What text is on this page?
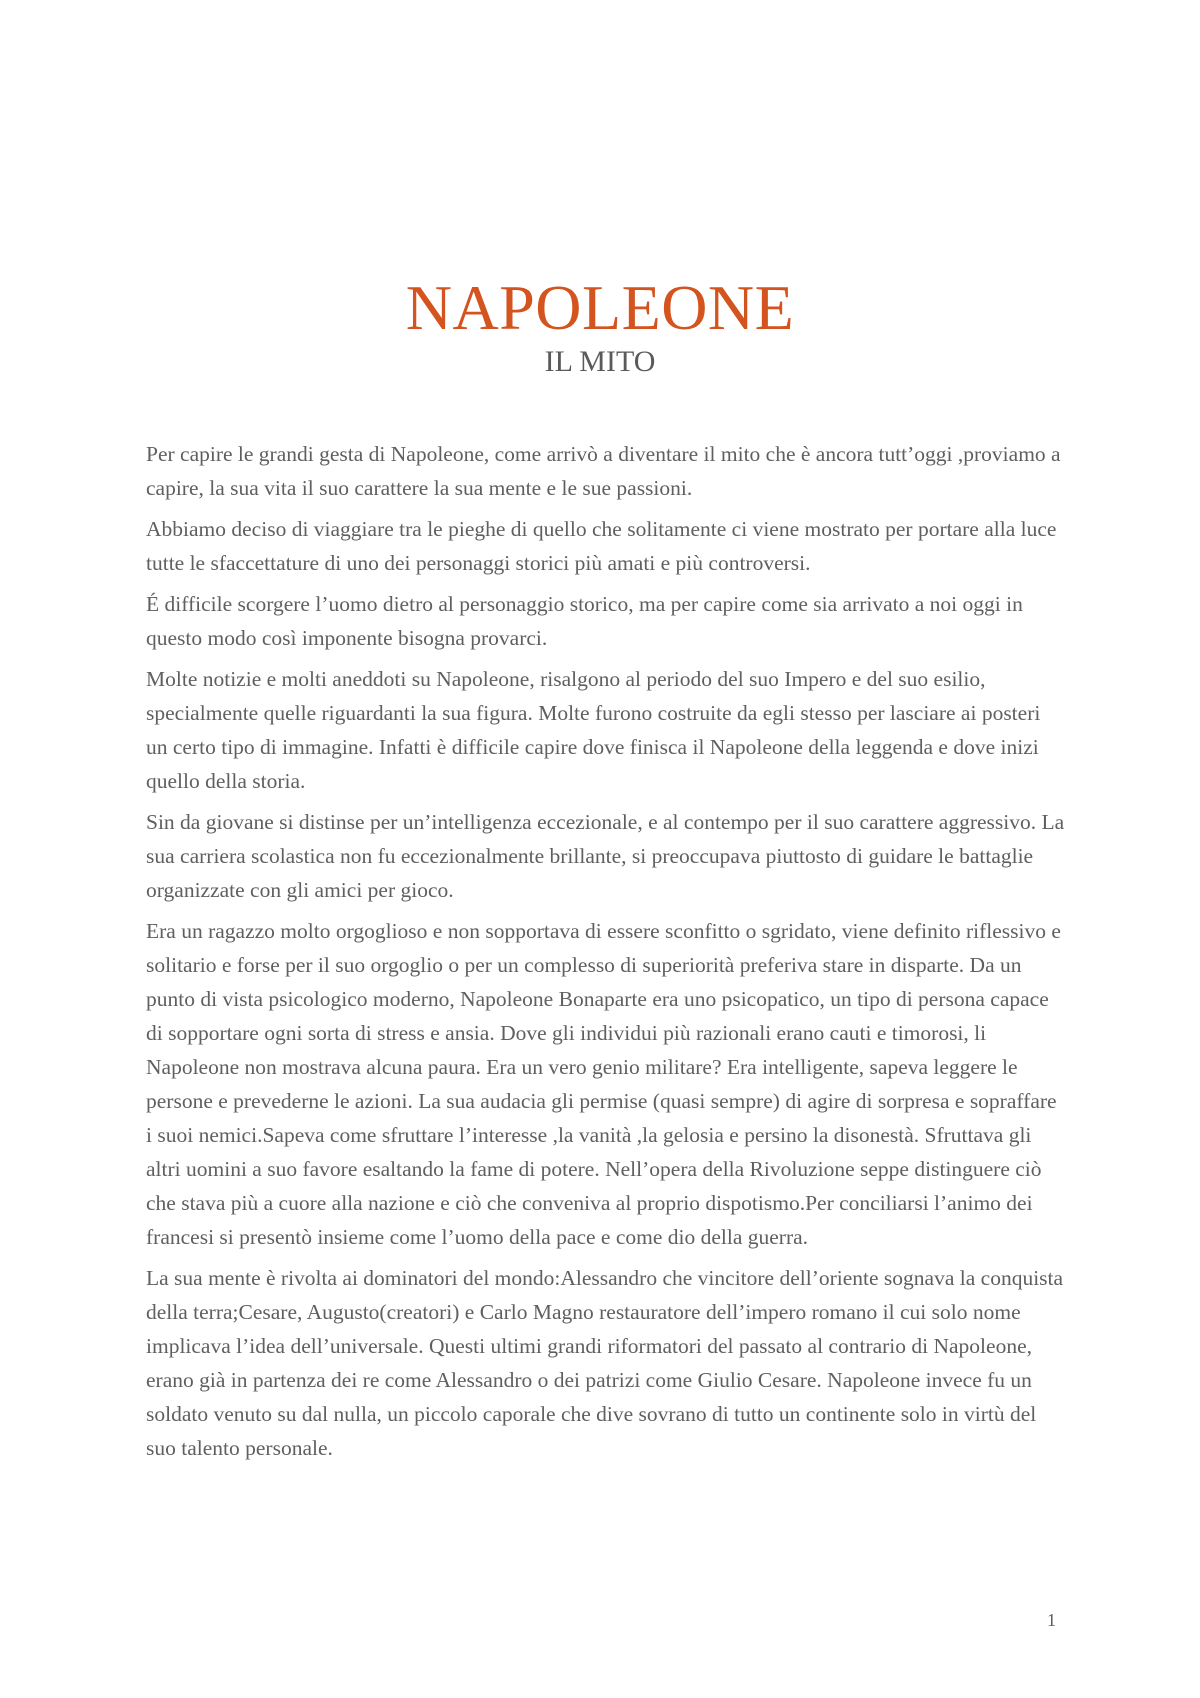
NAPOLEONE
IL MITO

Per capire le grandi gesta di Napoleone, come arrivò a diventare il mito che è ancora tutt’oggi ,proviamo a capire, la sua vita il suo carattere la sua mente e le sue passioni.

Abbiamo deciso di viaggiare tra le pieghe di quello che solitamente ci viene mostrato per portare alla luce tutte le sfaccettature di uno dei personaggi storici più amati e più controversi.

É difficile scorgere l’uomo dietro al personaggio storico, ma per capire come sia arrivato a noi oggi in questo modo così imponente bisogna provarci.

Molte notizie e molti aneddoti su Napoleone, risalgono al periodo del suo Impero e del suo esilio, specialmente quelle riguardanti la sua figura. Molte furono costruite da egli stesso per lasciare ai posteri un certo tipo di immagine. Infatti è difficile capire dove finisca il Napoleone della leggenda e dove inizi quello della storia.

Sin da giovane si distinse per un’intelligenza eccezionale, e al contempo per il suo carattere aggressivo. La sua carriera scolastica non fu eccezionalmente brillante, si preoccupava piuttosto di guidare le battaglie organizzate con gli amici per gioco.

Era un ragazzo molto orgoglioso e non sopportava di essere sconfitto o sgridato, viene definito riflessivo e solitario e forse per il suo orgoglio o per un complesso di superiorità preferiva stare in disparte. Da un punto di vista psicologico moderno, Napoleone Bonaparte era uno psicopatico, un tipo di persona capace di sopportare ogni sorta di stress e ansia. Dove gli individui più razionali erano cauti e timorosi, li Napoleone non mostrava alcuna paura. Era un vero genio militare? Era intelligente, sapeva leggere le persone e prevederne le azioni. La sua audacia gli permise (quasi sempre) di agire di sorpresa e sopraffare i suoi nemici.Sapeva come sfruttare l’interesse ,la vanità ,la gelosia e persino la disonestà. Sfruttava gli altri uomini a suo favore esaltando la fame di potere. Nell’opera della Rivoluzione seppe distinguere ciò che stava più a cuore alla nazione e ciò che conveniva al proprio dispotismo.Per conciliarsi l’animo dei francesi si presentò insieme come l’uomo della pace e come dio della guerra.

La sua mente è rivolta ai dominatori del mondo:Alessandro che vincitore dell’oriente sognava la conquista della terra;Cesare, Augusto(creatori) e Carlo Magno restauratore dell’impero romano il cui solo nome implicava l’idea dell’universale. Questi ultimi grandi riformatori del passato al contrario di Napoleone, erano già in partenza dei re come Alessandro o dei patrizi come Giulio Cesare. Napoleone invece fu un soldato venuto su dal nulla, un piccolo caporale che dive sovrano di tutto un continente solo in virtù del suo talento personale.

1
